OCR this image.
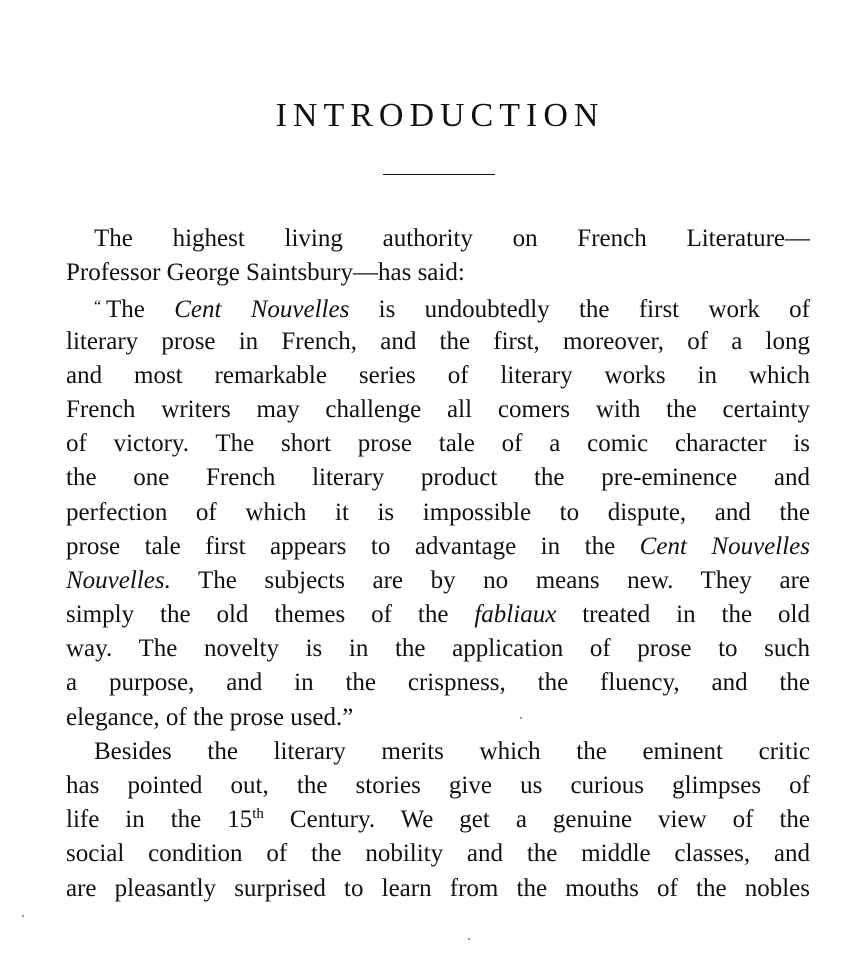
INTRODUCTION
The highest living authority on French Literature—
Professor George Saintsbury—has said:
“ The Cent Nouvelles is undoubtedly the first work of
literary prose in French, and the first, moreover, of a long
and most remarkable series of literary works in which
French writers may challenge all comers with the certainty
of victory. The short prose tale of a comic character is
the one French literary product the pre-eminence and
perfection of which it is impossible to dispute, and the
prose tale first appears to advantage in the Cent Nouvelles
Nouvelles. The subjects are by no means new. They are
simply the old themes of the fabliaux treated in the old
way. The novelty is in the application of prose to such
a purpose, and in the crispness, the fluency, and the
elegance, of the prose used.”
Besides the literary merits which the eminent critic
has pointed out, the stories give us curious glimpses of
life in the 15th Century. We get a genuine view of the
social condition of the nobility and the middle classes, and
are pleasantly surprised to learn from the mouths of the nobles
